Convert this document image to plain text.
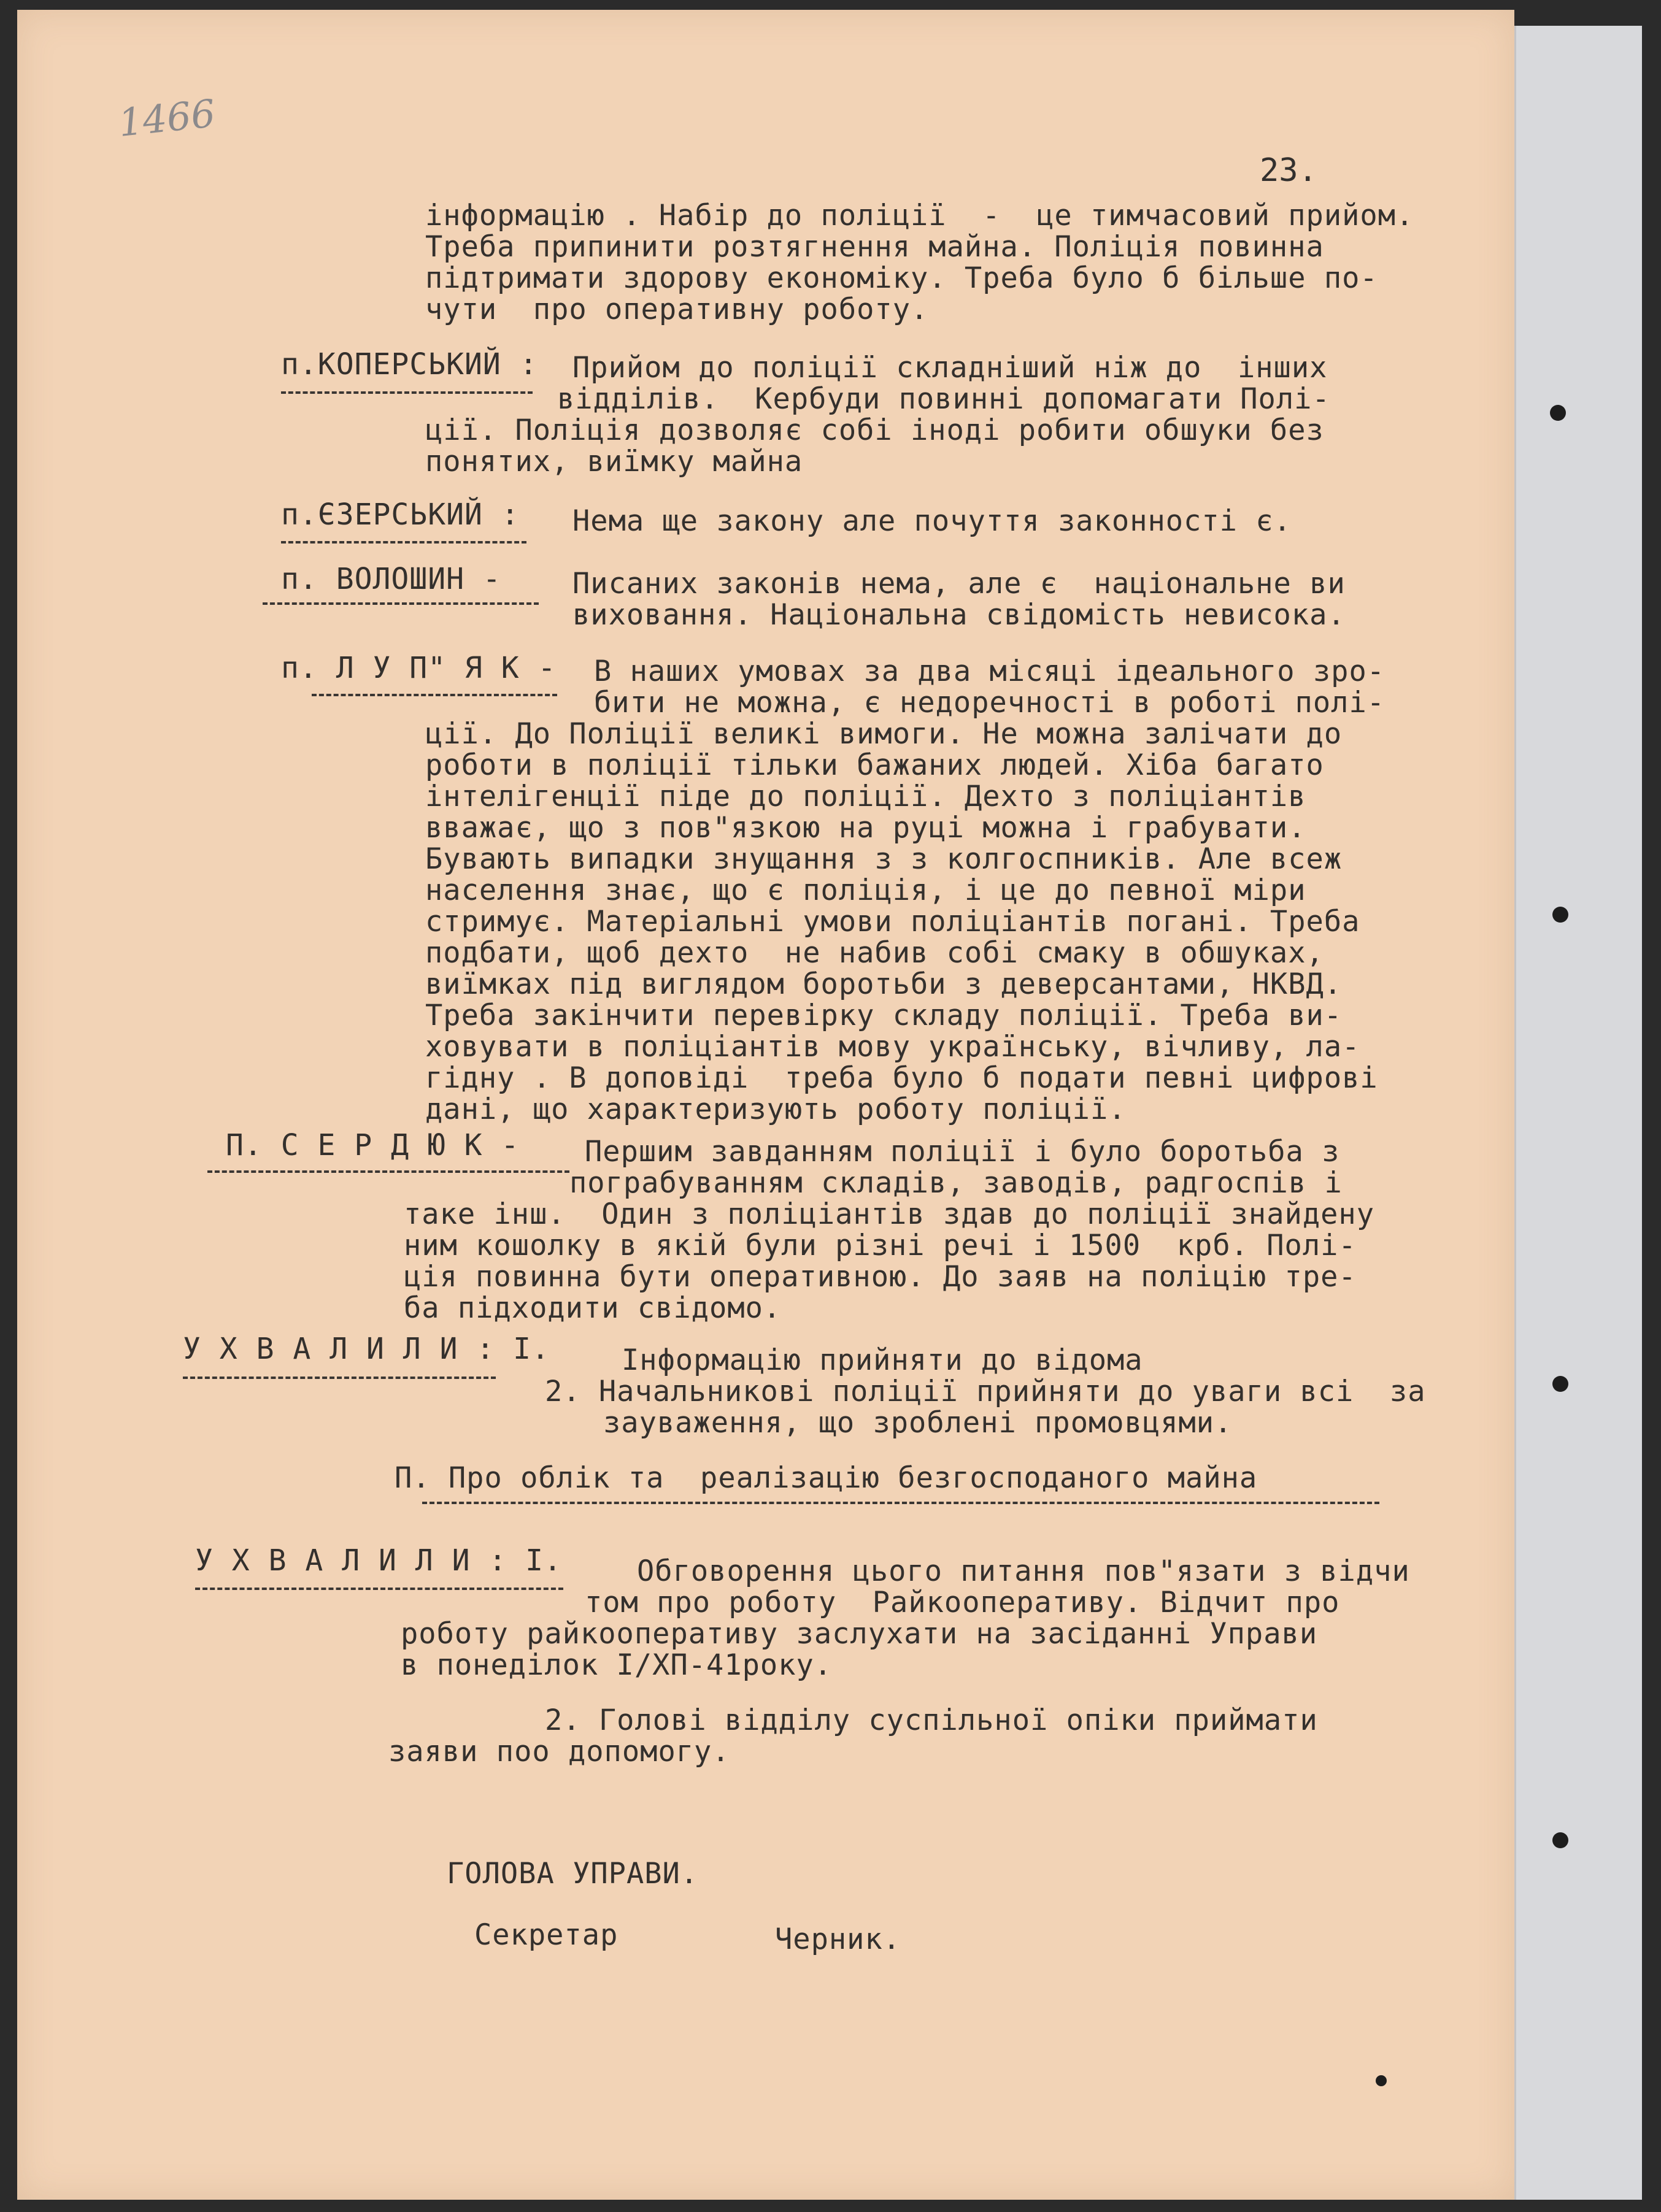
1466
23.
інформацію . Набір до поліції  -  це тимчасовий прийом.
Треба припинити розтягнення майна. Поліція повинна
підтримати здорову економіку. Треба було б більше по-
чути  про оперативну роботу.
п.КОПЕРСЬКИЙ : Прийом до поліції складніший ніж до  інших
відділів.  Кербуди повинні допомагати Полі-
ції. Поліція дозволяє собі іноді робити обшуки без
понятих, виїмку майна
п.ЄЗЕРСЬКИЙ : Нема ще закону але почуття законності є.
п. ВОЛОШИН - Писаних законів нема, але є  національне ви
виховання. Національна свідомість невисока.
п. Л У П" Я К - В наших умовах за два місяці ідеального зро-
бити не можна, є недоречності в роботі полі-
ції. До Поліції великі вимоги. Не можна залічати до
роботи в поліції тільки бажаних людей. Хіба багато
інтелігенції піде до поліції. Дехто з поліціантів
вважає, що з пов"язкою на руці можна і грабувати.
Бувають випадки знущання з з колгоспників. Але всеж
населення знає, що є поліція, і це до певної міри
стримує. Матеріальні умови поліціантів погані. Треба
подбати, щоб дехто  не набив собі смаку в обшуках,
виїмках під виглядом боротьби з деверсантами, НКВД.
Треба закінчити перевірку складу поліції. Треба ви-
ховувати в поліціантів мову українську, вічливу, ла-
гідну . В доповіді  треба було б подати певні цифрові
дані, що характеризують роботу поліції.
П. С Е Р Д Ю К - Першим завданням поліції і було боротьба з
пограбуванням складів, заводів, радгоспів і
таке інш.  Один з поліціантів здав до поліції знайдену
ним кошолку в якій були різні речі і 1500  крб. Полі-
ція повинна бути оперативною. До заяв на поліцію тре-
ба підходити свідомо.
У Х В А Л И Л И : І. Інформацію прийняти до відома
2. Начальникові поліції прийняти до уваги всі  за
зауваження, що зроблені промовцями.
П. Про облік та  реалізацію безгосподаного майна
У Х В А Л И Л И : І.	Обговорення цього питання пов"язати з відчи
том про роботу  Райкооперативу. Відчит про
роботу райкооперативу заслухати на засіданні Управи
в понеділок І/ХП-41року.
2. Голові відділу суспільної опіки приймати
заяви поо допомогу.
ГОЛОВА УПРАВИ.
Секретар	Черник.
